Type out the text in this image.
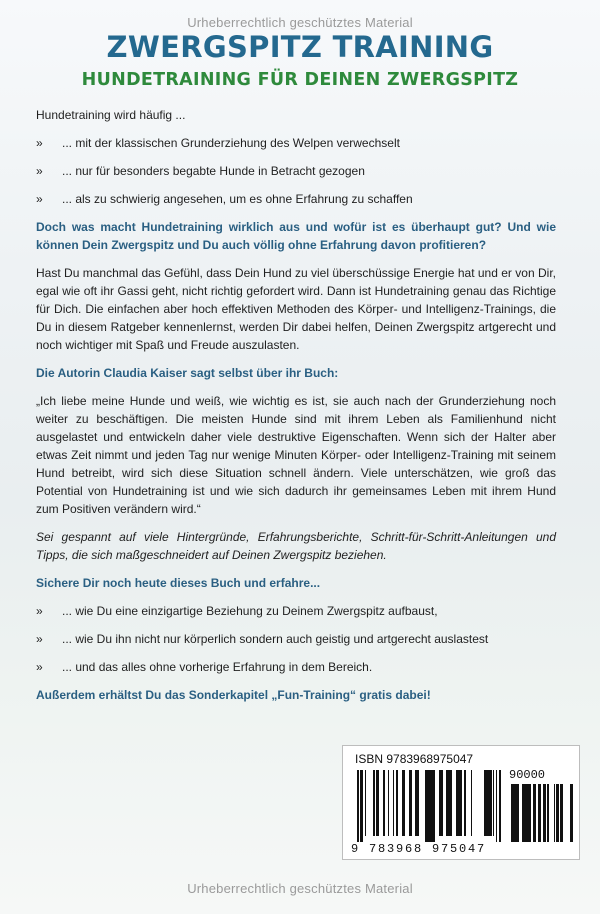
Urheberrechtlich geschütztes Material
ZWERGSPITZ TRAINING
HUNDETRAINING FÜR DEINEN ZWERGSPITZ

Hundetraining wird häufig ...

»	... mit der klassischen Grunderziehung des Welpen verwechselt
»	... nur für besonders begabte Hunde in Betracht gezogen
»	... als zu schwierig angesehen, um es ohne Erfahrung zu schaffen

Doch was macht Hundetraining wirklich aus und wofür ist es überhaupt gut? Und wie können Dein Zwergspitz und Du auch völlig ohne Erfahrung davon profitieren?

Hast Du manchmal das Gefühl, dass Dein Hund zu viel überschüssige Energie hat und er von Dir, egal wie oft ihr Gassi geht, nicht richtig gefordert wird. Dann ist Hundetraining genau das Richtige für Dich. Die einfachen aber hoch effektiven Methoden des Körper- und Intelligenz-Trainings, die Du in diesem Ratgeber kennenlernst, werden Dir dabei helfen, Deinen Zwergspitz artgerecht und noch wichtiger mit Spaß und Freude auszulasten.

Die Autorin Claudia Kaiser sagt selbst über ihr Buch:

„Ich liebe meine Hunde und weiß, wie wichtig es ist, sie auch nach der Grunderziehung noch weiter zu beschäftigen. Die meisten Hunde sind mit ihrem Leben als Familienhund nicht ausgelastet und entwickeln daher viele destruktive Eigenschaften. Wenn sich der Halter aber etwas Zeit nimmt und jeden Tag nur wenige Minuten Körper- oder Intelligenz-Training mit seinem Hund betreibt, wird sich diese Situation schnell ändern. Viele unterschätzen, wie groß das Potential von Hundetraining ist und wie sich dadurch ihr gemeinsames Leben mit ihrem Hund zum Positiven verändern wird.“

Sei gespannt auf viele Hintergründe, Erfahrungsberichte, Schritt-für-Schritt-Anleitungen und Tipps, die sich maßgeschneidert auf Deinen Zwergspitz beziehen.

Sichere Dir noch heute dieses Buch und erfahre...

»	... wie Du eine einzigartige Beziehung zu Deinem Zwergspitz aufbaust,
»	... wie Du ihn nicht nur körperlich sondern auch geistig und artgerecht auslastest
»	... und das alles ohne vorherige Erfahrung in dem Bereich.

Außerdem erhältst Du das Sonderkapitel „Fun-Training“ gratis dabei!

ISBN 9783968975047
90000
9 783968 975047
Urheberrechtlich geschütztes Material
